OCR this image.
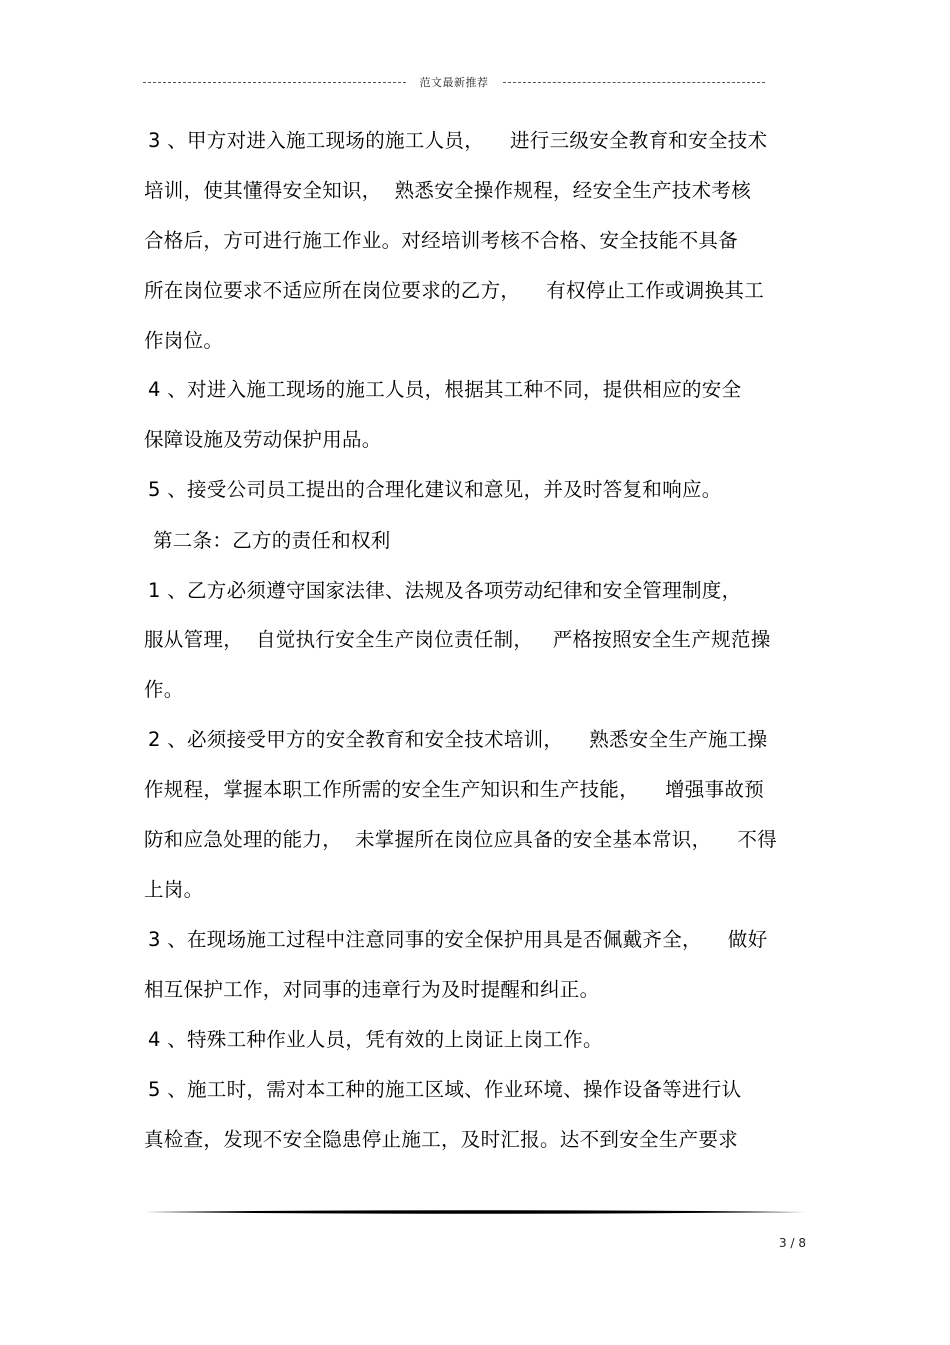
范文最新推荐
3 、甲方对进入施工现场的施工人员，    进行三级安全教育和安全技术
培训，使其懂得安全知识，  熟悉安全操作规程，经安全生产技术考核
合格后，方可进行施工作业。对经培训考核不合格、安全技能不具备
所在岗位要求不适应所在岗位要求的乙方，    有权停止工作或调换其工
作岗位。
4 、对进入施工现场的施工人员，根据其工种不同，提供相应的安全
保障设施及劳动保护用品。
5 、接受公司员工提出的合理化建议和意见，并及时答复和响应。
第二条：乙方的责任和权利
1 、乙方必须遵守国家法律、法规及各项劳动纪律和安全管理制度，
服从管理，  自觉执行安全生产岗位责任制，   严格按照安全生产规范操
作。
2 、必须接受甲方的安全教育和安全技术培训，    熟悉安全生产施工操
作规程，掌握本职工作所需的安全生产知识和生产技能，    增强事故预
防和应急处理的能力，  未掌握所在岗位应具备的安全基本常识，    不得
上岗。
3 、在现场施工过程中注意同事的安全保护用具是否佩戴齐全，    做好
相互保护工作，对同事的违章行为及时提醒和纠正。
4 、特殊工种作业人员，凭有效的上岗证上岗工作。
5 、施工时，需对本工种的施工区域、作业环境、操作设备等进行认
真检查，发现不安全隐患停止施工，及时汇报。达不到安全生产要求
3 / 8
